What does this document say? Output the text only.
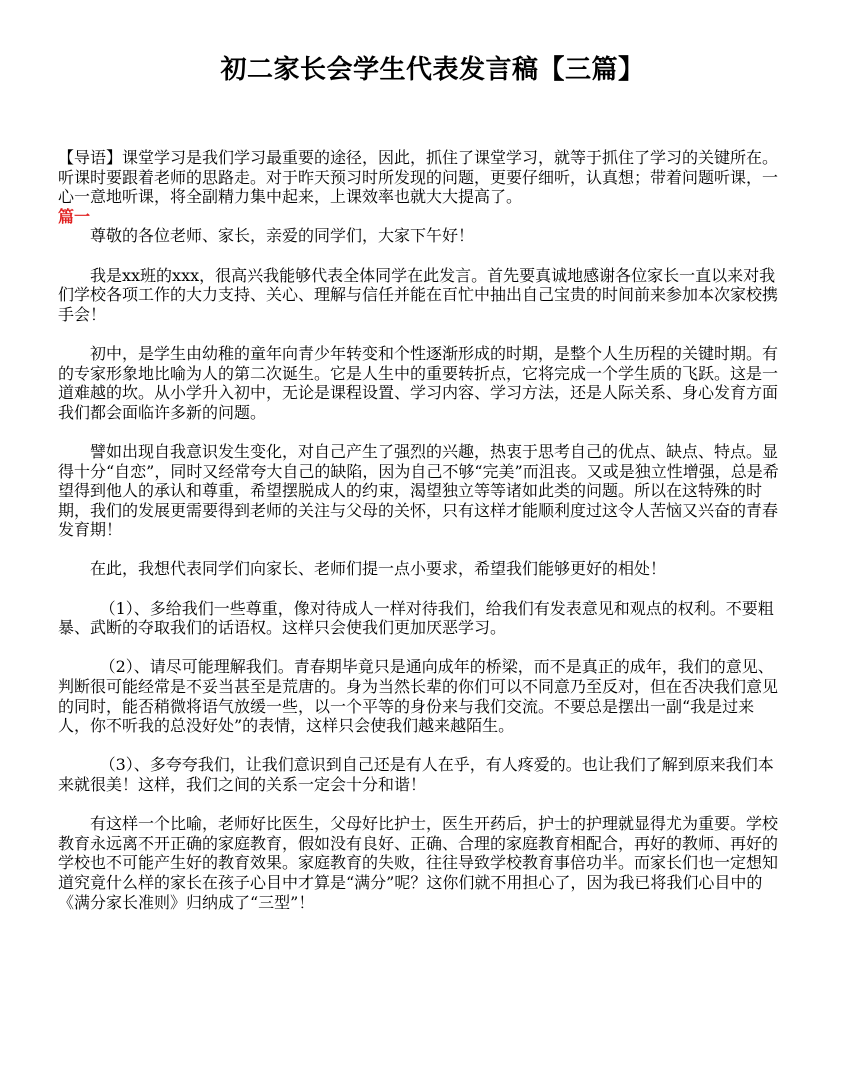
初二家长会学生代表发言稿【三篇】

【导语】课堂学习是我们学习最重要的途径，因此，抓住了课堂学习，就等于抓住了学习的关键所在。听课时要跟着老师的思路走。对于昨天预习时所发现的问题，更要仔细听，认真想；带着问题听课，一心一意地听课，将全副精力集中起来，上课效率也就大大提高了。

篇一

尊敬的各位老师、家长，亲爱的同学们，大家下午好！

我是xx班的xxx，很高兴我能够代表全体同学在此发言。首先要真诚地感谢各位家长一直以来对我们学校各项工作的大力支持、关心、理解与信任并能在百忙中抽出自己宝贵的时间前来参加本次家校携手会！

初中，是学生由幼稚的童年向青少年转变和个性逐渐形成的时期，是整个人生历程的关键时期。有的专家形象地比喻为人的第二次诞生。它是人生中的重要转折点，它将完成一个学生质的飞跃。这是一道难越的坎。从小学升入初中，无论是课程设置、学习内容、学习方法，还是人际关系、身心发育方面我们都会面临许多新的问题。

譬如出现自我意识发生变化，对自己产生了强烈的兴趣，热衷于思考自己的优点、缺点、特点。显得十分“自恋”，同时又经常夸大自己的缺陷，因为自己不够“完美”而沮丧。又或是独立性增强，总是希望得到他人的承认和尊重，希望摆脱成人的约束，渴望独立等等诸如此类的问题。所以在这特殊的时期，我们的发展更需要得到老师的关注与父母的关怀，只有这样才能顺利度过这令人苦恼又兴奋的青春发育期！

在此，我想代表同学们向家长、老师们提一点小要求，希望我们能够更好的相处！

（1）、多给我们一些尊重，像对待成人一样对待我们，给我们有发表意见和观点的权利。不要粗暴、武断的夺取我们的话语权。这样只会使我们更加厌恶学习。

（2）、请尽可能理解我们。青春期毕竟只是通向成年的桥梁，而不是真正的成年，我们的意见、判断很可能经常是不妥当甚至是荒唐的。身为当然长辈的你们可以不同意乃至反对，但在否决我们意见的同时，能否稍微将语气放缓一些，以一个平等的身份来与我们交流。不要总是摆出一副“我是过来人，你不听我的总没好处”的表情，这样只会使我们越来越陌生。

（3）、多夸夸我们，让我们意识到自己还是有人在乎，有人疼爱的。也让我们了解到原来我们本来就很美！这样，我们之间的关系一定会十分和谐！

有这样一个比喻，老师好比医生，父母好比护士，医生开药后，护士的护理就显得尤为重要。学校教育永远离不开正确的家庭教育，假如没有良好、正确、合理的家庭教育相配合，再好的教师、再好的学校也不可能产生好的教育效果。家庭教育的失败，往往导致学校教育事倍功半。而家长们也一定想知道究竟什么样的家长在孩子心目中才算是“满分”呢？这你们就不用担心了，因为我已将我们心目中的《满分家长准则》归纳成了“三型”！
